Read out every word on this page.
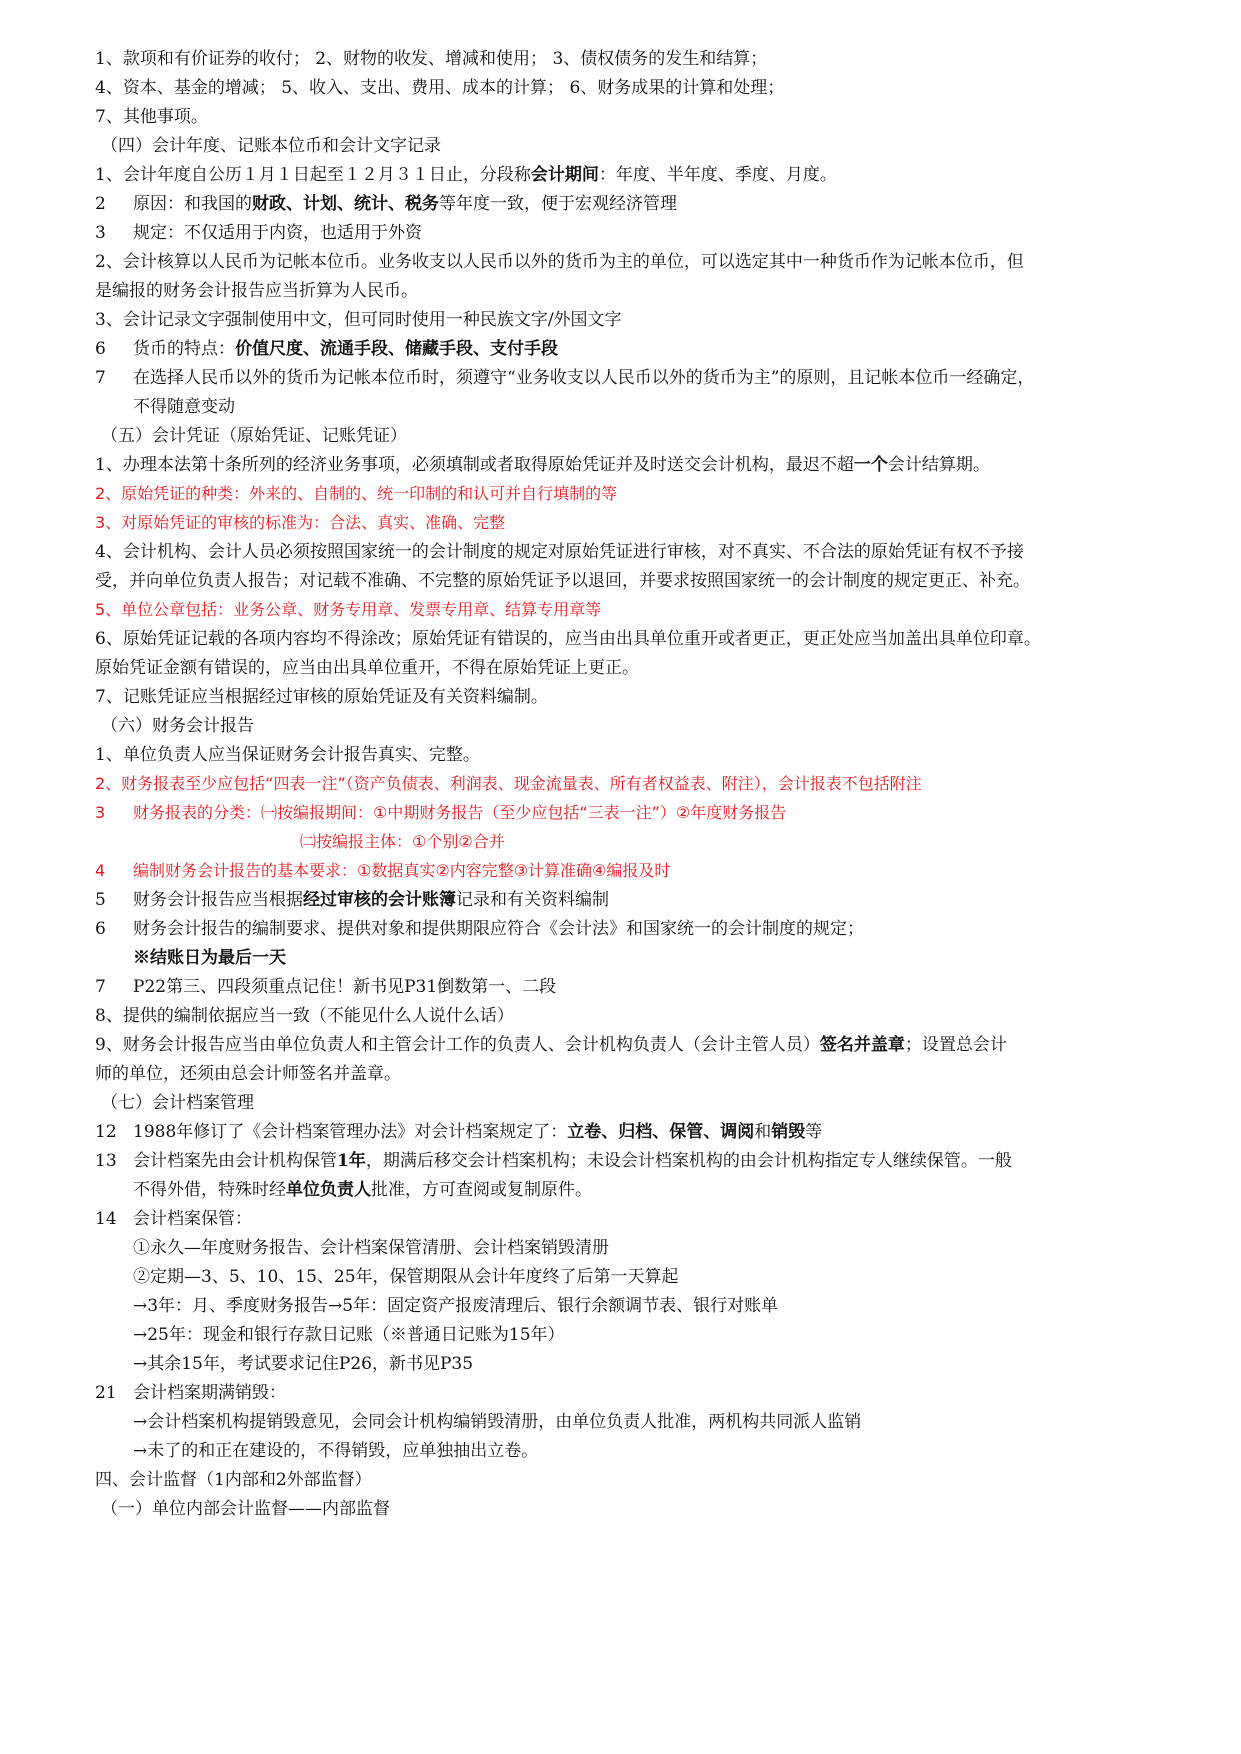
1、款项和有价证券的收付； 2、财物的收发、增减和使用； 3、债权债务的发生和结算；
4、资本、基金的增减； 5、收入、支出、费用、成本的计算； 6、财务成果的计算和处理；
7、其他事项。
（四）会计年度、记账本位币和会计文字记录
1、会计年度自公历１月１日起至１２月３１日止，分段称会计期间：年度、半年度、季度、月度。
2 原因：和我国的财政、计划、统计、税务等年度一致，便于宏观经济管理
3 规定：不仅适用于内资，也适用于外资
2、会计核算以人民币为记帐本位币。业务收支以人民币以外的货币为主的单位，可以选定其中一种货币作为记帐本位币，但
是编报的财务会计报告应当折算为人民币。
3、会计记录文字强制使用中文，但可同时使用一种民族文字/外国文字
6 货币的特点：价值尺度、流通手段、储藏手段、支付手段
7 在选择人民币以外的货币为记帐本位币时，须遵守“业务收支以人民币以外的货币为主”的原则，且记帐本位币一经确定，
不得随意变动
（五）会计凭证（原始凭证、记账凭证）
1、办理本法第十条所列的经济业务事项，必须填制或者取得原始凭证并及时送交会计机构，最迟不超一个会计结算期。
2、原始凭证的种类：外来的、自制的、统一印制的和认可并自行填制的等
3、对原始凭证的审核的标准为：合法、真实、准确、完整
4、会计机构、会计人员必须按照国家统一的会计制度的规定对原始凭证进行审核，对不真实、不合法的原始凭证有权不予接
受，并向单位负责人报告；对记载不准确、不完整的原始凭证予以退回，并要求按照国家统一的会计制度的规定更正、补充。
5、单位公章包括：业务公章、财务专用章、发票专用章、结算专用章等
6、原始凭证记载的各项内容均不得涂改；原始凭证有错误的，应当由出具单位重开或者更正，更正处应当加盖出具单位印章。
原始凭证金额有错误的，应当由出具单位重开，不得在原始凭证上更正。
7、记账凭证应当根据经过审核的原始凭证及有关资料编制。
（六）财务会计报告
1、单位负责人应当保证财务会计报告真实、完整。
2、财务报表至少应包括“四表一注”（资产负债表、利润表、现金流量表、所有者权益表、附注），会计报表不包括附注
3 财务报表的分类：㈠按编报期间：①中期财务报告（至少应包括“三表一注”）②年度财务报告
㈡按编报主体：①个别②合并
4 编制财务会计报告的基本要求：①数据真实②内容完整③计算准确④编报及时
5 财务会计报告应当根据经过审核的会计账簿记录和有关资料编制
6 财务会计报告的编制要求、提供对象和提供期限应符合《会计法》和国家统一的会计制度的规定；
※结账日为最后一天
7 P22第三、四段须重点记住！新书见P31倒数第一、二段
8、提供的编制依据应当一致（不能见什么人说什么话）
9、财务会计报告应当由单位负责人和主管会计工作的负责人、会计机构负责人（会计主管人员）签名并盖章；设置总会计
师的单位，还须由总会计师签名并盖章。
（七）会计档案管理
12 1988年修订了《会计档案管理办法》对会计档案规定了：立卷、归档、保管、调阅和销毁等
13 会计档案先由会计机构保管1年，期满后移交会计档案机构；未设会计档案机构的由会计机构指定专人继续保管。一般
不得外借，特殊时经单位负责人批准，方可查阅或复制原件。
14 会计档案保管：
①永久—年度财务报告、会计档案保管清册、会计档案销毁清册
②定期—3、5、10、15、25年，保管期限从会计年度终了后第一天算起
→3年：月、季度财务报告→5年：固定资产报废清理后、银行余额调节表、银行对账单
→25年：现金和银行存款日记账（※普通日记账为15年）
→其余15年，考试要求记住P26，新书见P35
21 会计档案期满销毁：
→会计档案机构提销毁意见，会同会计机构编销毁清册，由单位负责人批准，两机构共同派人监销
→未了的和正在建设的，不得销毁，应单独抽出立卷。
四、会计监督（1内部和2外部监督）
（一）单位内部会计监督——内部监督
